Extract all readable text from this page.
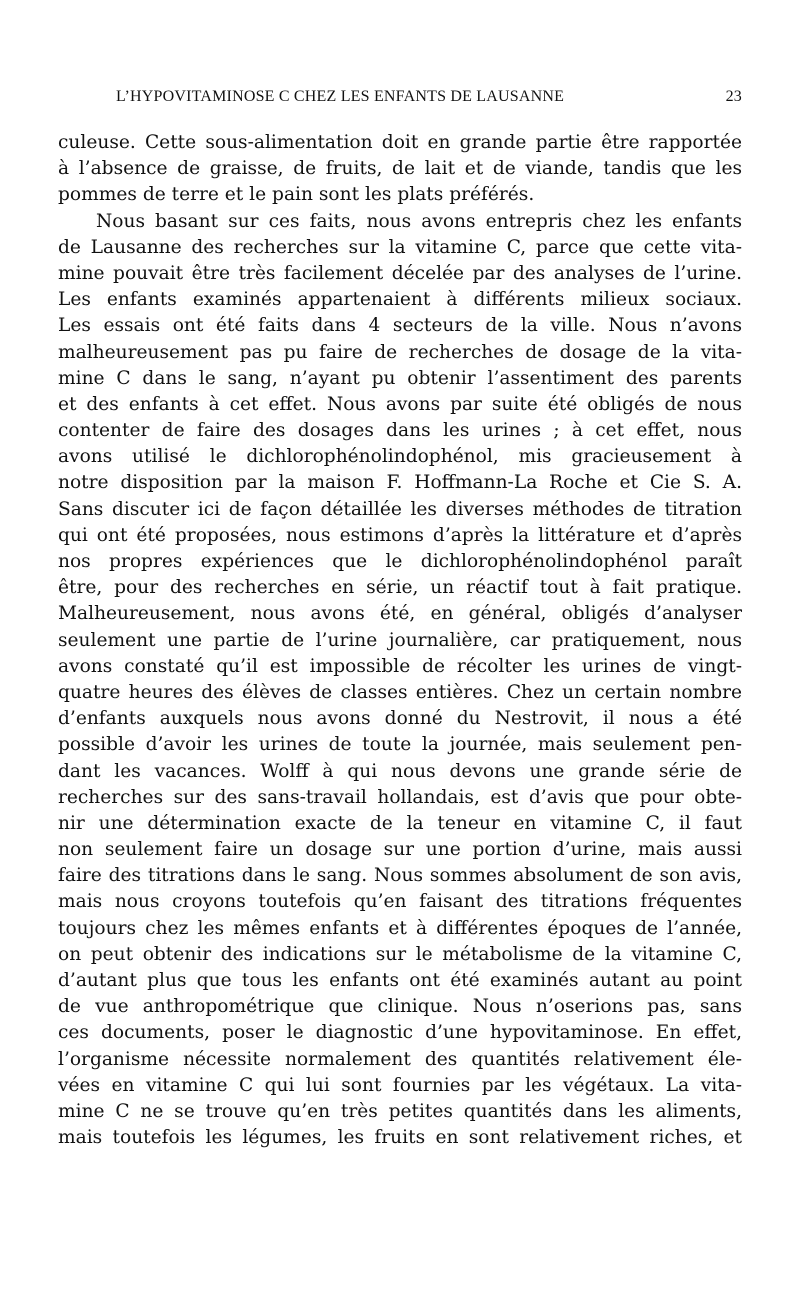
L’HYPOVITAMINOSE C CHEZ LES ENFANTS DE LAUSANNE	23
culeuse. Cette sous-alimentation doit en grande partie être rapportée
à l’absence de graisse, de fruits, de lait et de viande, tandis que les
pommes de terre et le pain sont les plats préférés.
Nous basant sur ces faits, nous avons entrepris chez les enfants
de Lausanne des recherches sur la vitamine C, parce que cette vita-
mine pouvait être très facilement décelée par des analyses de l’urine.
Les enfants examinés appartenaient à différents milieux sociaux.
Les essais ont été faits dans 4 secteurs de la ville. Nous n’avons
malheureusement pas pu faire de recherches de dosage de la vita-
mine C dans le sang, n’ayant pu obtenir l’assentiment des parents
et des enfants à cet effet. Nous avons par suite été obligés de nous
contenter de faire des dosages dans les urines ; à cet effet, nous
avons utilisé le dichlorophénolindophénol, mis gracieusement à
notre disposition par la maison F. Hoffmann-La Roche et Cie S. A.
Sans discuter ici de façon détaillée les diverses méthodes de titration
qui ont été proposées, nous estimons d’après la littérature et d’après
nos propres expériences que le dichlorophénolindophénol paraît
être, pour des recherches en série, un réactif tout à fait pratique.
Malheureusement, nous avons été, en général, obligés d’analyser
seulement une partie de l’urine journalière, car pratiquement, nous
avons constaté qu’il est impossible de récolter les urines de vingt-
quatre heures des élèves de classes entières. Chez un certain nombre
d’enfants auxquels nous avons donné du Nestrovit, il nous a été
possible d’avoir les urines de toute la journée, mais seulement pen-
dant les vacances. Wolff à qui nous devons une grande série de
recherches sur des sans-travail hollandais, est d’avis que pour obte-
nir une détermination exacte de la teneur en vitamine C, il faut
non seulement faire un dosage sur une portion d’urine, mais aussi
faire des titrations dans le sang. Nous sommes absolument de son avis,
mais nous croyons toutefois qu’en faisant des titrations fréquentes
toujours chez les mêmes enfants et à différentes époques de l’année,
on peut obtenir des indications sur le métabolisme de la vitamine C,
d’autant plus que tous les enfants ont été examinés autant au point
de vue anthropométrique que clinique. Nous n’oserions pas, sans
ces documents, poser le diagnostic d’une hypovitaminose. En effet,
l’organisme nécessite normalement des quantités relativement éle-
vées en vitamine C qui lui sont fournies par les végétaux. La vita-
mine C ne se trouve qu’en très petites quantités dans les aliments,
mais toutefois les légumes, les fruits en sont relativement riches, et
